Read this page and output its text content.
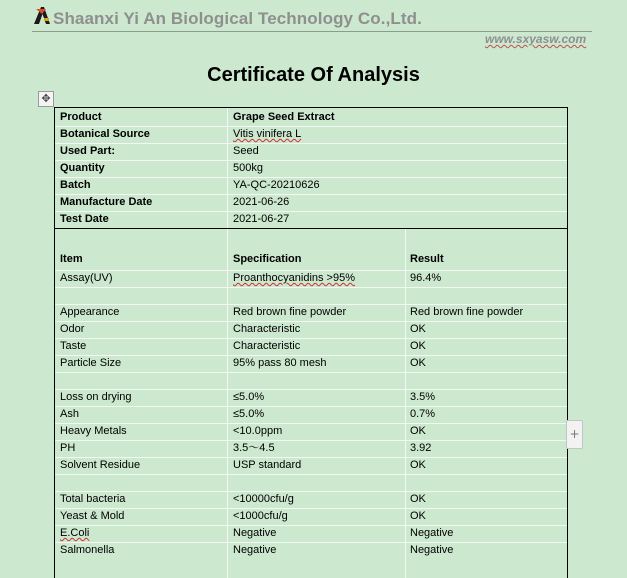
Shaanxi Yi An Biological Technology Co.,Ltd.
www.sxyasw.com
Certificate Of Analysis
✥
Product	Grape Seed Extract
Botanical Source	Vitis vinifera L
Used Part:	Seed
Quantity	500kg
Batch	YA-QC-20210626
Manufacture Date	2021-06-26
Test Date	2021-06-27
Item	Specification	Result
Assay(UV)	Proanthocyanidins >95%	96.4%
Appearance	Red brown fine powder	Red brown fine powder
Odor	Characteristic	OK
Taste	Characteristic	OK
Particle Size	95% pass 80 mesh	OK
Loss on drying	≤5.0%	3.5%
Ash	≤5.0%	0.7%
Heavy Metals	<10.0ppm	OK
PH	3.5～4.5	3.92
Solvent Residue	USP standard	OK
Total bacteria	<10000cfu/g	OK
Yeast & Mold	<1000cfu/g	OK
E.Coli	Negative	Negative
Salmonella	Negative	Negative
+
